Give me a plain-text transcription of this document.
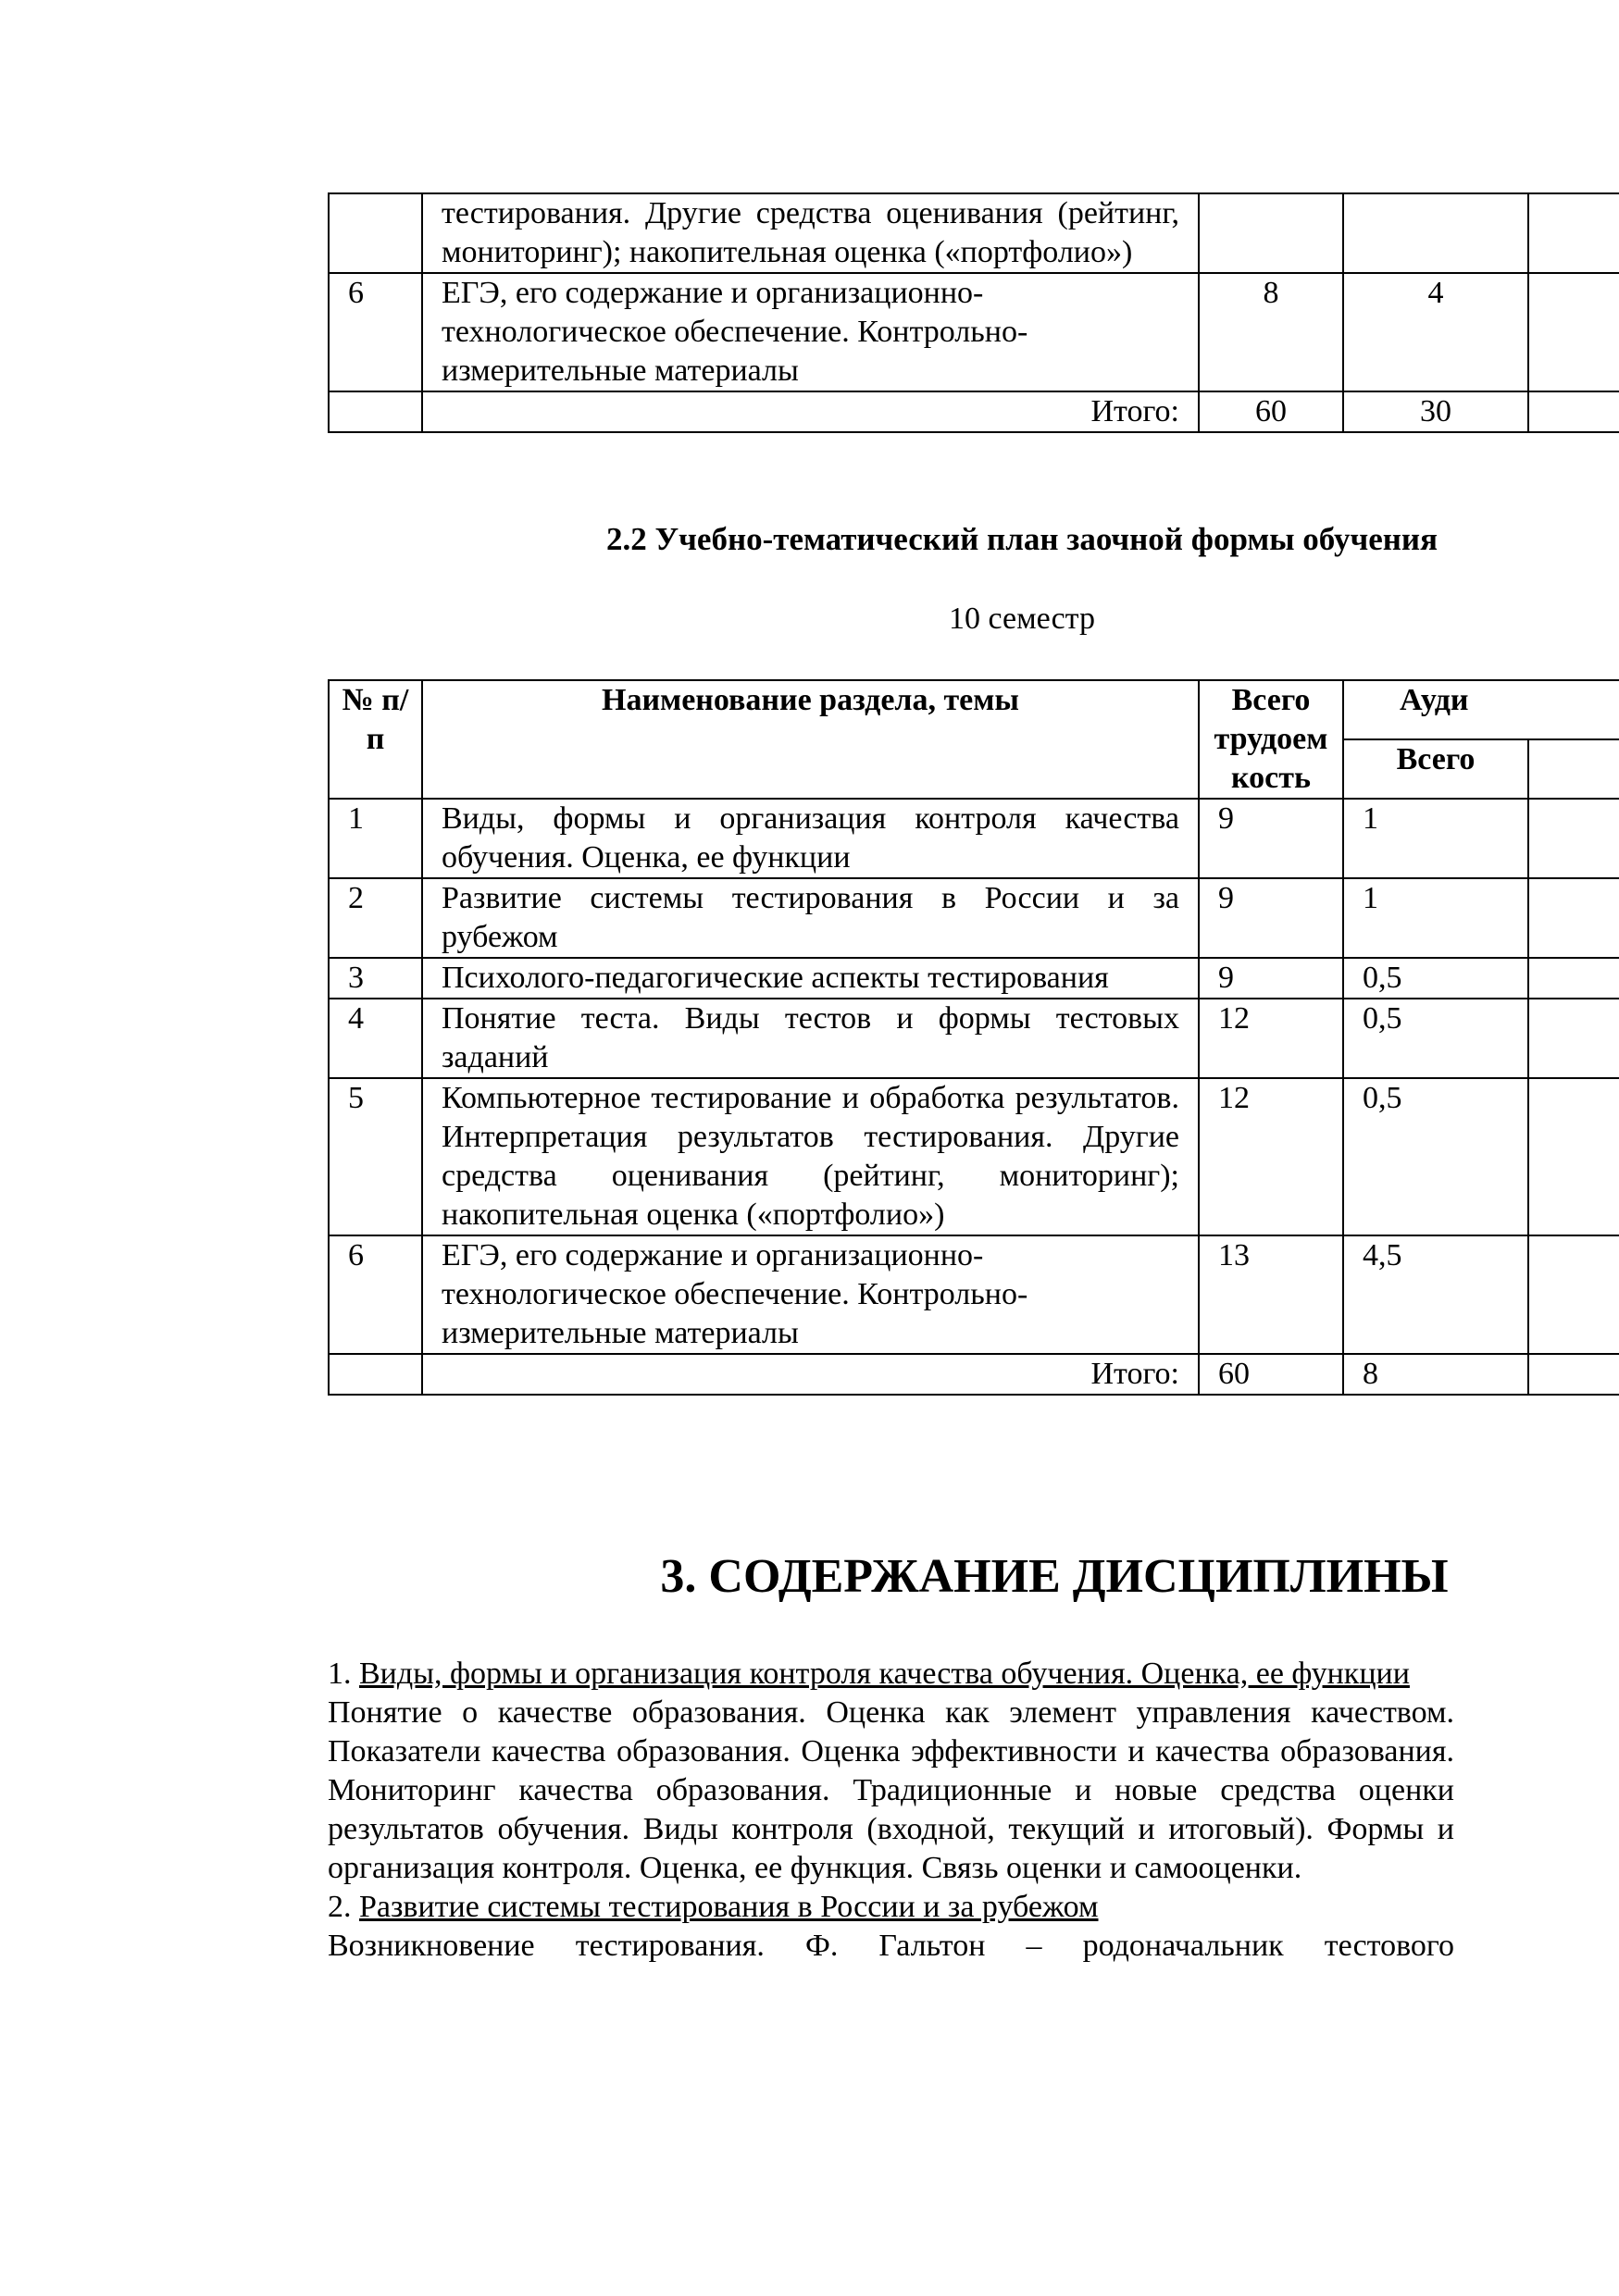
	тестирования. Другие средства оценивания (рейтинг, мониторинг); накопительная оценка («портфолио»)			
6	ЕГЭ, его содержание и организационно-технологическое обеспечение. Контрольно-измерительные материалы	8	4	
	Итого:	60	30	
2.2 Учебно-тематический план заочной формы обучения
10 семестр
№ п/п	Наименование раздела, темы	Всего трудоем кость	Ауди	
			Всего	
1	Виды, формы и организация контроля качества обучения. Оценка, ее функции	9	1	
2	Развитие системы тестирования в России и за рубежом	9	1	
3	Психолого-педагогические аспекты тестирования	9	0,5	
4	Понятие теста. Виды тестов и формы тестовых заданий	12	0,5	
5	Компьютерное тестирование и обработка результатов. Интерпретация результатов тестирования. Другие средства оценивания (рейтинг, мониторинг); накопительная оценка («портфолио»)	12	0,5	
6	ЕГЭ, его содержание и организационно-технологическое обеспечение. Контрольно-измерительные материалы	13	4,5	
	Итого:	60	8	
3. СОДЕРЖАНИЕ ДИСЦИПЛИНЫ

1. Виды, формы и организация контроля качества обучения. Оценка, ее функции

Понятие о качестве образования. Оценка как элемент управления качеством. Показатели качества образования. Оценка эффективности и качества образования. Мониторинг качества образования. Традиционные и новые средства оценки результатов обучения. Виды контроля (входной, текущий и итоговый). Формы и организация контроля. Оценка, ее функция. Связь оценки и самооценки.

2. Развитие системы тестирования в России и за рубежом

Возникновение тестирования. Ф. Гальтон – родоначальник тестового
